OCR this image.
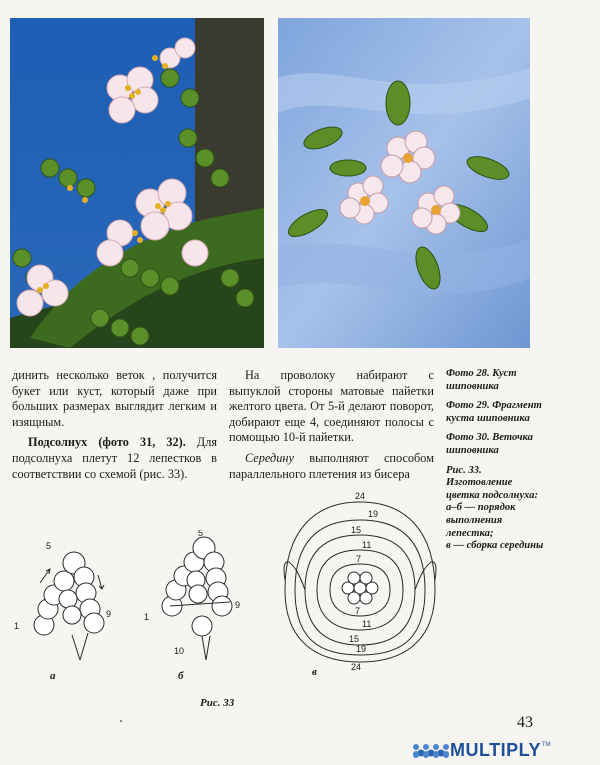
динить несколько веток , получится букет или куст, который даже при больших размерах выглядит легким и изящным.

Подсолнух (фото 31, 32). Для подсолнуха плетут 12 лепестков в соответствии со схемой (рис. 33).

На проволоку набирают с выпуклой стороны матовые пайетки желтого цвета. От 5-й делают поворот, добирают еще 4, соединяют полосы с помощью 10-й пайетки.

Середину выполняют способом параллельного плетения из бисера

Фото 28. Куст шиповника

Фото 29. Фрагмент куста шиповника

Фото 30. Веточка шиповника

Рис. 33. Изготовление цветка подсолнуха:
а–б — порядок выполнения лепестка;
в — сборка середины

5
9
1
5
9
1
10
24
19
15
11
7
7
11
15
19
24
а	б	в
Рис. 33
43
MULTIPLY TM
